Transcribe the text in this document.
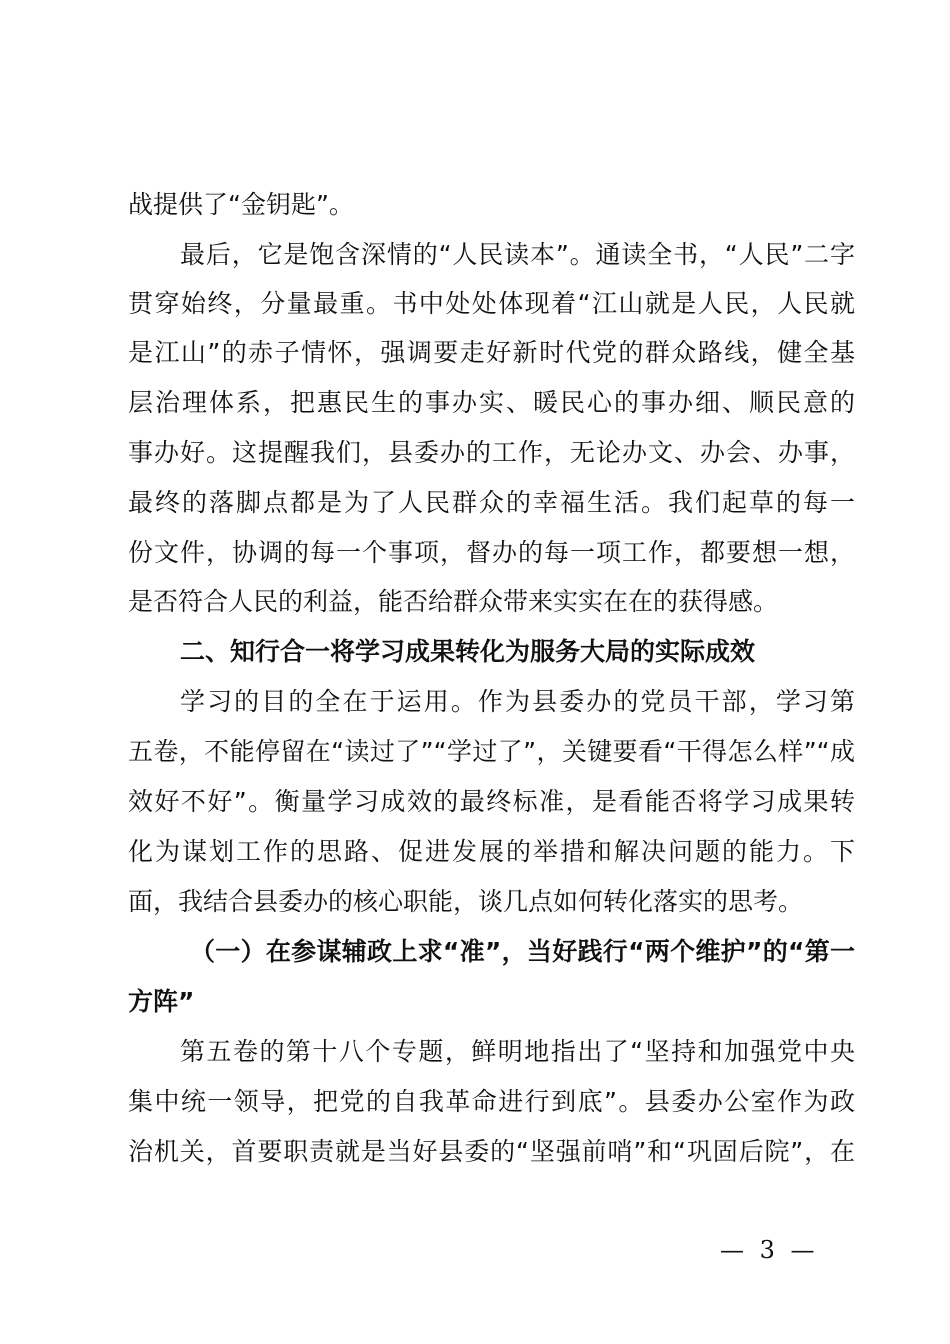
战提供了“金钥匙”。
最后，它是饱含深情的“人民读本”。通读全书，“人民”二字
贯穿始终，分量最重。书中处处体现着“江山就是人民，人民就
是江山”的赤子情怀，强调要走好新时代党的群众路线，健全基
层治理体系，把惠民生的事办实、暖民心的事办细、顺民意的
事办好。这提醒我们，县委办的工作，无论办文、办会、办事，
最终的落脚点都是为了人民群众的幸福生活。我们起草的每一
份文件，协调的每一个事项，督办的每一项工作，都要想一想，
是否符合人民的利益，能否给群众带来实实在在的获得感。
二、知行合一将学习成果转化为服务大局的实际成效
学习的目的全在于运用。作为县委办的党员干部，学习第
五卷，不能停留在“读过了”“学过了”，关键要看“干得怎么样”“成
效好不好”。衡量学习成效的最终标准，是看能否将学习成果转
化为谋划工作的思路、促进发展的举措和解决问题的能力。下
面，我结合县委办的核心职能，谈几点如何转化落实的思考。
（一）在参谋辅政上求“准”，当好践行“两个维护”的“第一
方阵”
第五卷的第十八个专题，鲜明地指出了“坚持和加强党中央
集中统一领导，把党的自我革命进行到底”。县委办公室作为政
治机关，首要职责就是当好县委的“坚强前哨”和“巩固后院”，在
— 3 —
